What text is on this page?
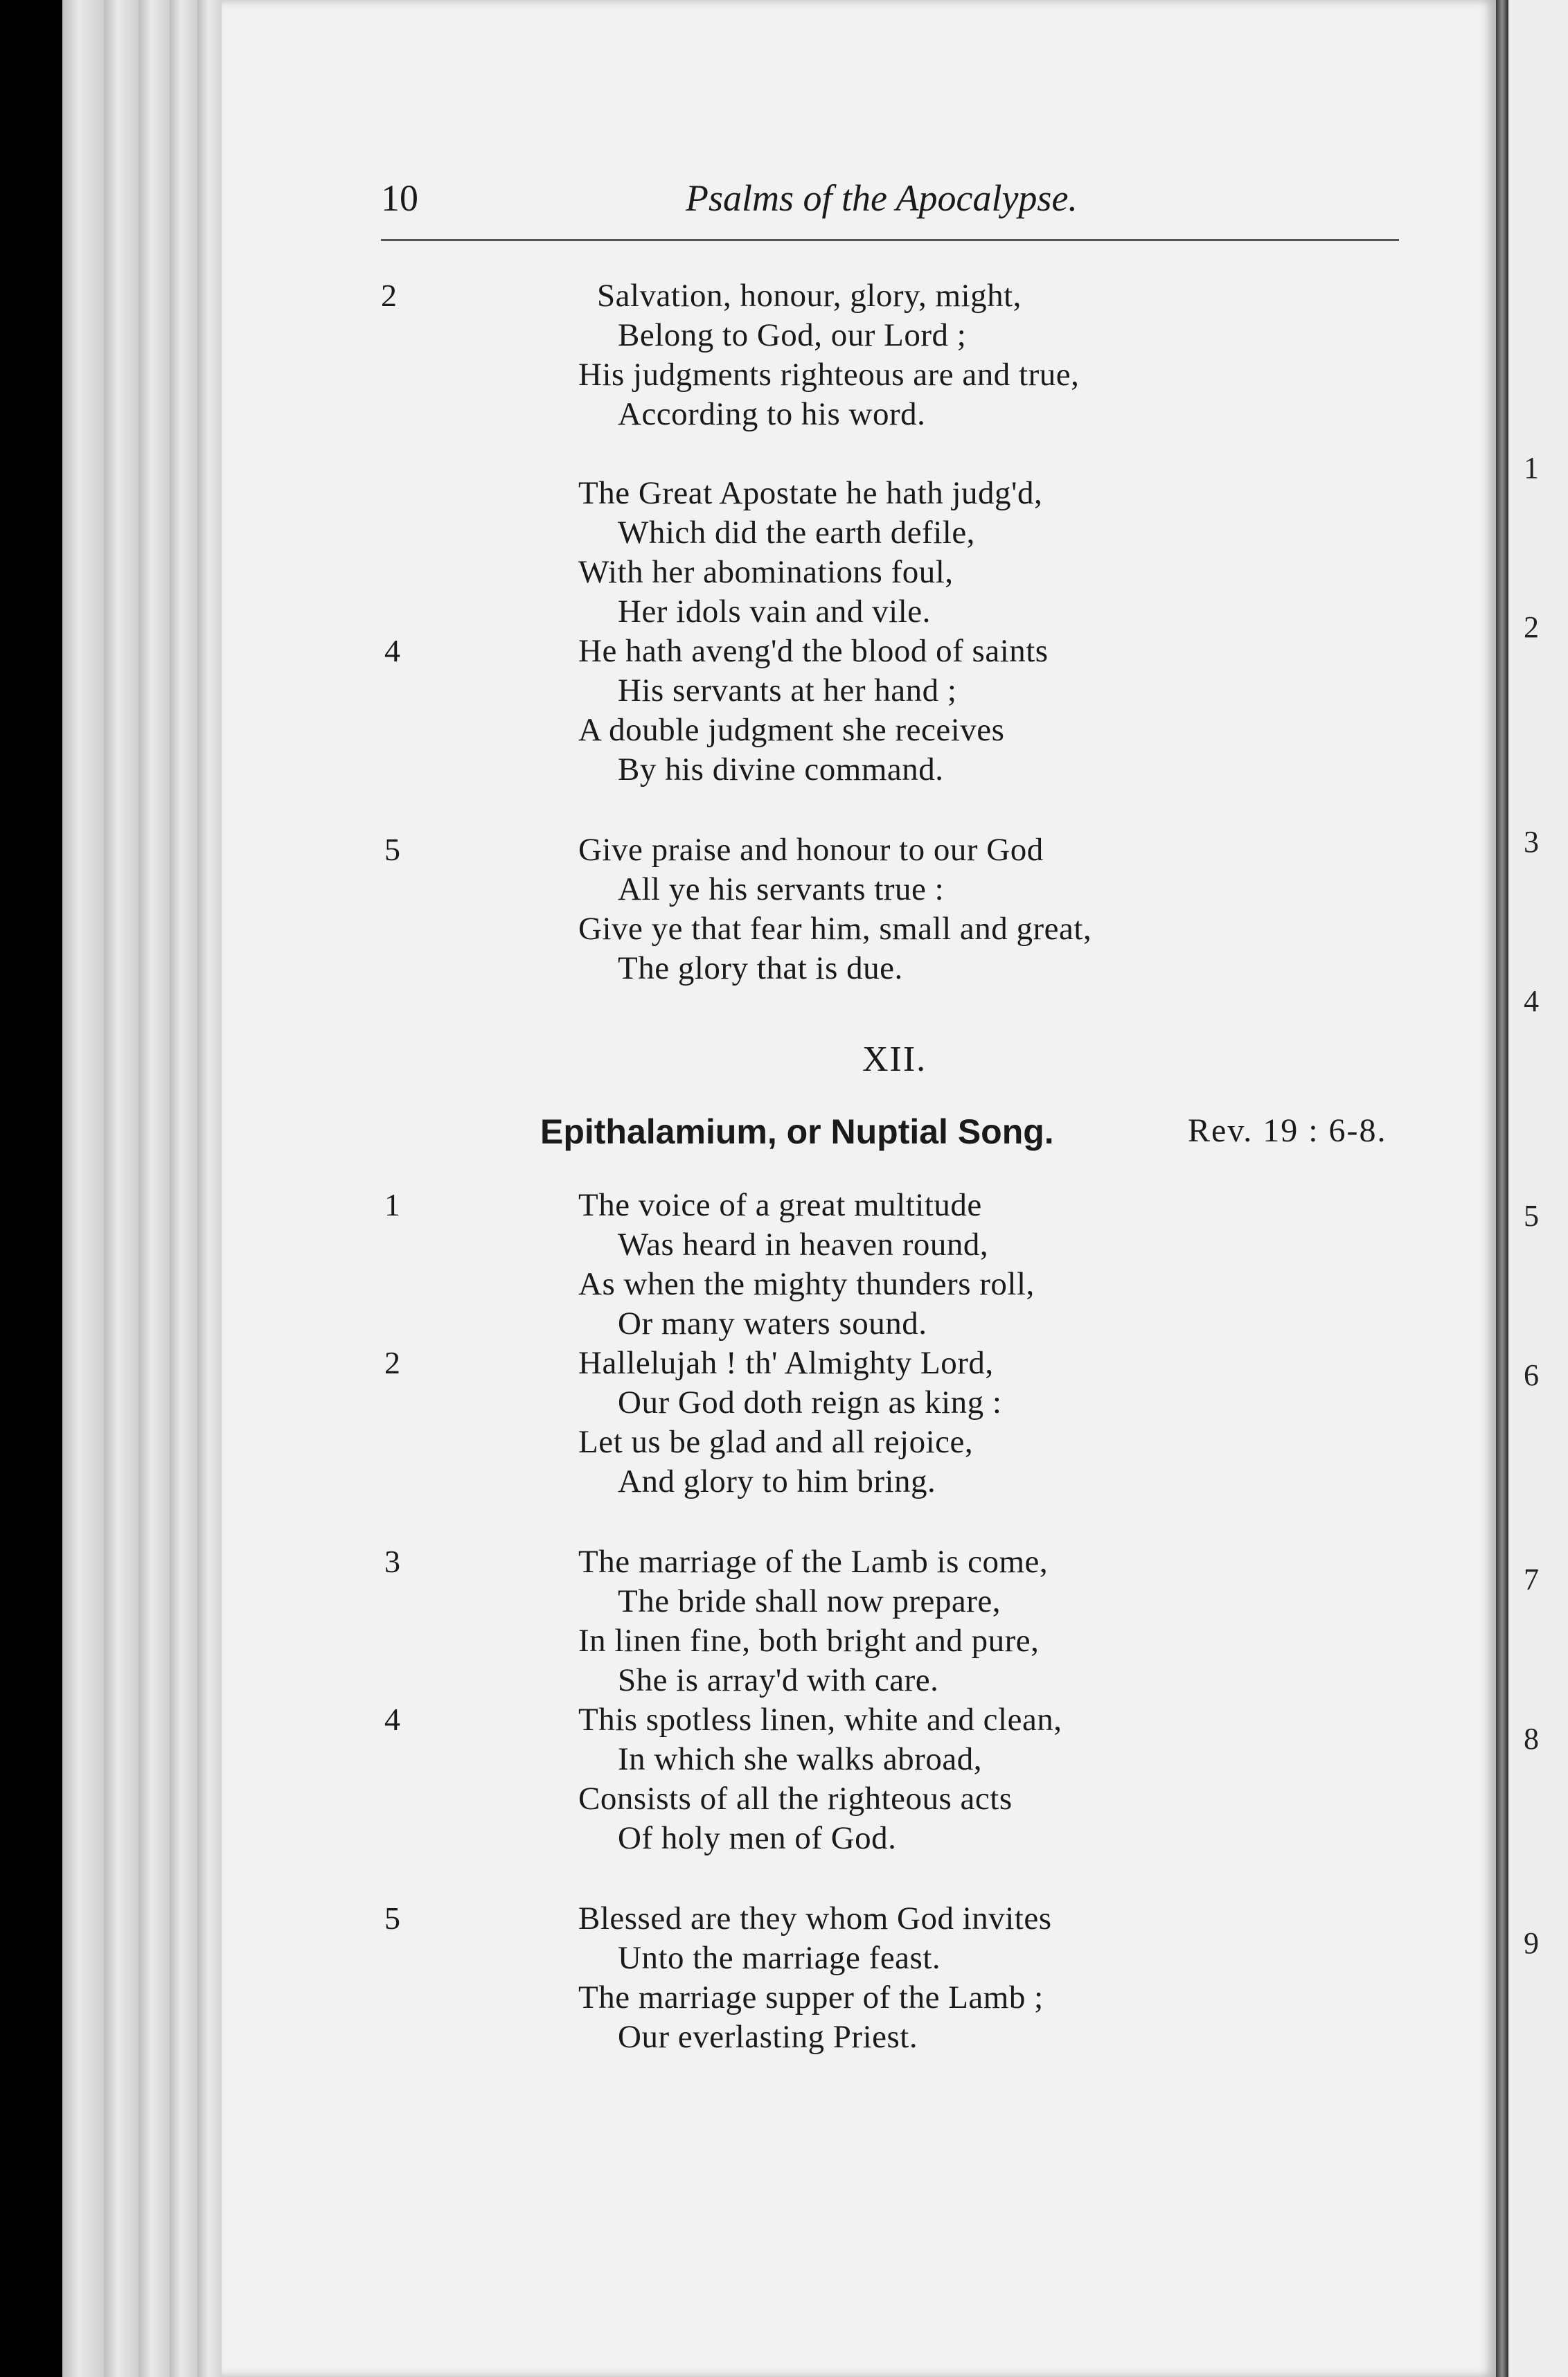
10	Psalms of the Apocalypse.
2	Salvation, honour, glory, might,
Belong to God, our Lord ;
His judgments righteous are and true,
According to his word.
The Great Apostate he hath judg'd,
Which did the earth defile,
With her abominations foul,
Her idols vain and vile.
4	He hath aveng'd the blood of saints
His servants at her hand ;
A double judgment she receives
By his divine command.
5	Give praise and honour to our God
All ye his servants true :
Give ye that fear him, small and great,
The glory that is due.
XII.
Epithalamium, or Nuptial Song.	Rev. 19 : 6-8.
1	The voice of a great multitude
Was heard in heaven round,
As when the mighty thunders roll,
Or many waters sound.
2	Hallelujah ! th' Almighty Lord,
Our God doth reign as king :
Let us be glad and all rejoice,
And glory to him bring.
3	The marriage of the Lamb is come,
The bride shall now prepare,
In linen fine, both bright and pure,
She is array'd with care.
4	This spotless linen, white and clean,
In which she walks abroad,
Consists of all the righteous acts
Of holy men of God.
5	Blessed are they whom God invites
Unto the marriage feast.
The marriage supper of the Lamb ;
Our everlasting Priest.
1
2
3
4
5
6
7
8
9
